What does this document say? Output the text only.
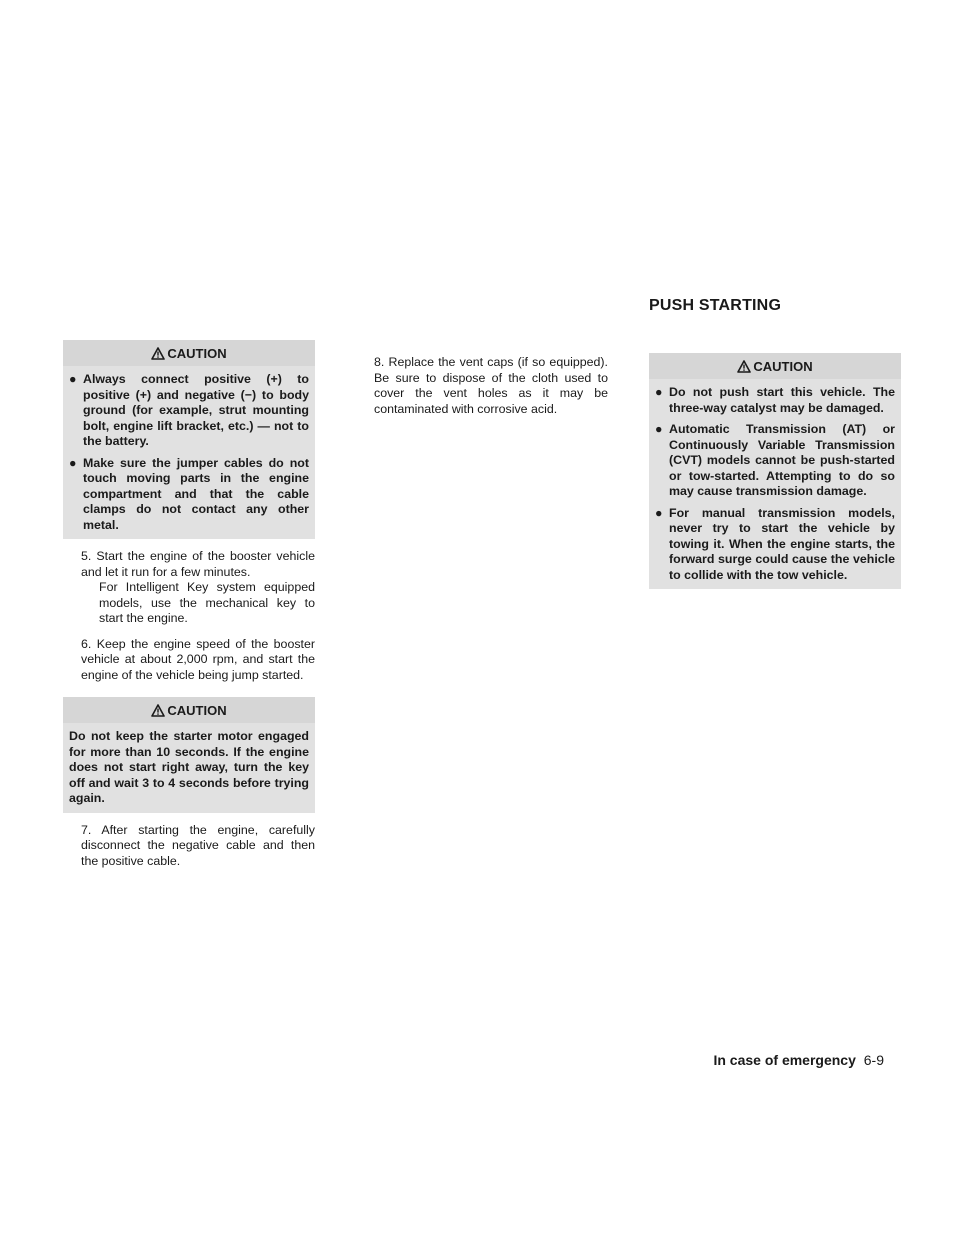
PUSH STARTING
CAUTION
● Always connect positive (+) to positive (+) and negative (−) to body ground (for example, strut mounting bolt, engine lift bracket, etc.) — not to the battery.
● Make sure the jumper cables do not touch moving parts in the engine compartment and that the cable clamps do not contact any other metal.

5. Start the engine of the booster vehicle and let it run for a few minutes.

For Intelligent Key system equipped models, use the mechanical key to start the engine.

6. Keep the engine speed of the booster vehicle at about 2,000 rpm, and start the engine of the vehicle being jump started.

CAUTION

Do not keep the starter motor engaged for more than 10 seconds. If the engine does not start right away, turn the key off and wait 3 to 4 seconds before trying again.

7. After starting the engine, carefully disconnect the negative cable and then the positive cable.

8. Replace the vent caps (if so equipped). Be sure to dispose of the cloth used to cover the vent holes as it may be contaminated with corrosive acid.

CAUTION
● Do not push start this vehicle. The three-way catalyst may be damaged.
● Automatic Transmission (AT) or Continuously Variable Transmission (CVT) models cannot be push-started or tow-started. Attempting to do so may cause transmission damage.
● For manual transmission models, never try to start the vehicle by towing it. When the engine starts, the forward surge could cause the vehicle to collide with the tow vehicle.
In case of emergency 6-9
